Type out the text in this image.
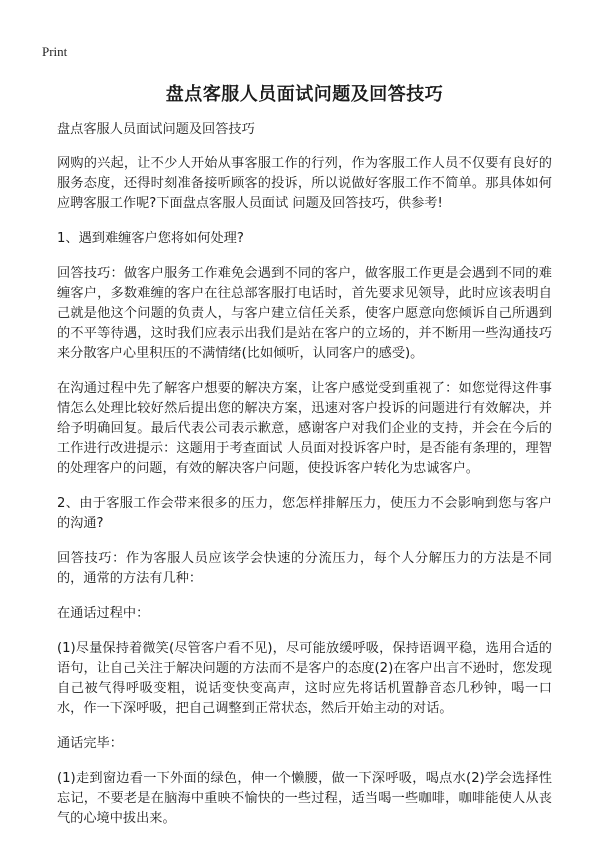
Print
盘点客服人员面试问题及回答技巧

盘点客服人员面试问题及回答技巧

网购的兴起，让不少人开始从事客服工作的行列，作为客服工作人员不仅要有良好的服务态度，还得时刻准备接听顾客的投诉，所以说做好客服工作不简单。那具体如何应聘客服工作呢?下面盘点客服人员面试 问题及回答技巧，供参考!

1、遇到难缠客户您将如何处理?

回答技巧：做客户服务工作难免会遇到不同的客户，做客服工作更是会遇到不同的难缠客户，多数难缠的客户在往总部客服打电话时，首先要求见领导，此时应该表明自己就是他这个问题的负责人，与客户建立信任关系，使客户愿意向您倾诉自己所遇到的不平等待遇，这时我们应表示出我们是站在客户的立场的，并不断用一些沟通技巧来分散客户心里积压的不满情绪(比如倾听，认同客户的感受)。

在沟通过程中先了解客户想要的解决方案，让客户感觉受到重视了：如您觉得这件事情怎么处理比较好然后提出您的解决方案，迅速对客户投诉的问题进行有效解决，并给予明确回复。最后代表公司表示歉意，感谢客户对我们企业的支持，并会在今后的工作进行改进提示：这题用于考查面试 人员面对投诉客户时，是否能有条理的，理智的处理客户的问题，有效的解决客户问题，使投诉客户转化为忠诚客户。

2、由于客服工作会带来很多的压力，您怎样排解压力，使压力不会影响到您与客户的沟通?

回答技巧：作为客服人员应该学会快速的分流压力，每个人分解压力的方法是不同的，通常的方法有几种：

在通话过程中：

(1)尽量保持着微笑(尽管客户看不见)，尽可能放缓呼吸，保持语调平稳，选用合适的语句，让自己关注于解决问题的方法而不是客户的态度(2)在客户出言不逊时，您发现自己被气得呼吸变粗，说话变快变高声，这时应先将话机置静音态几秒钟，喝一口水，作一下深呼吸，把自己调整到正常状态，然后开始主动的对话。

通话完毕：

(1)走到窗边看一下外面的绿色，伸一个懒腰，做一下深呼吸，喝点水(2)学会选择性忘记，不要老是在脑海中重映不愉快的一些过程，适当喝一些咖啡，咖啡能使人从丧气的心境中拔出来。
